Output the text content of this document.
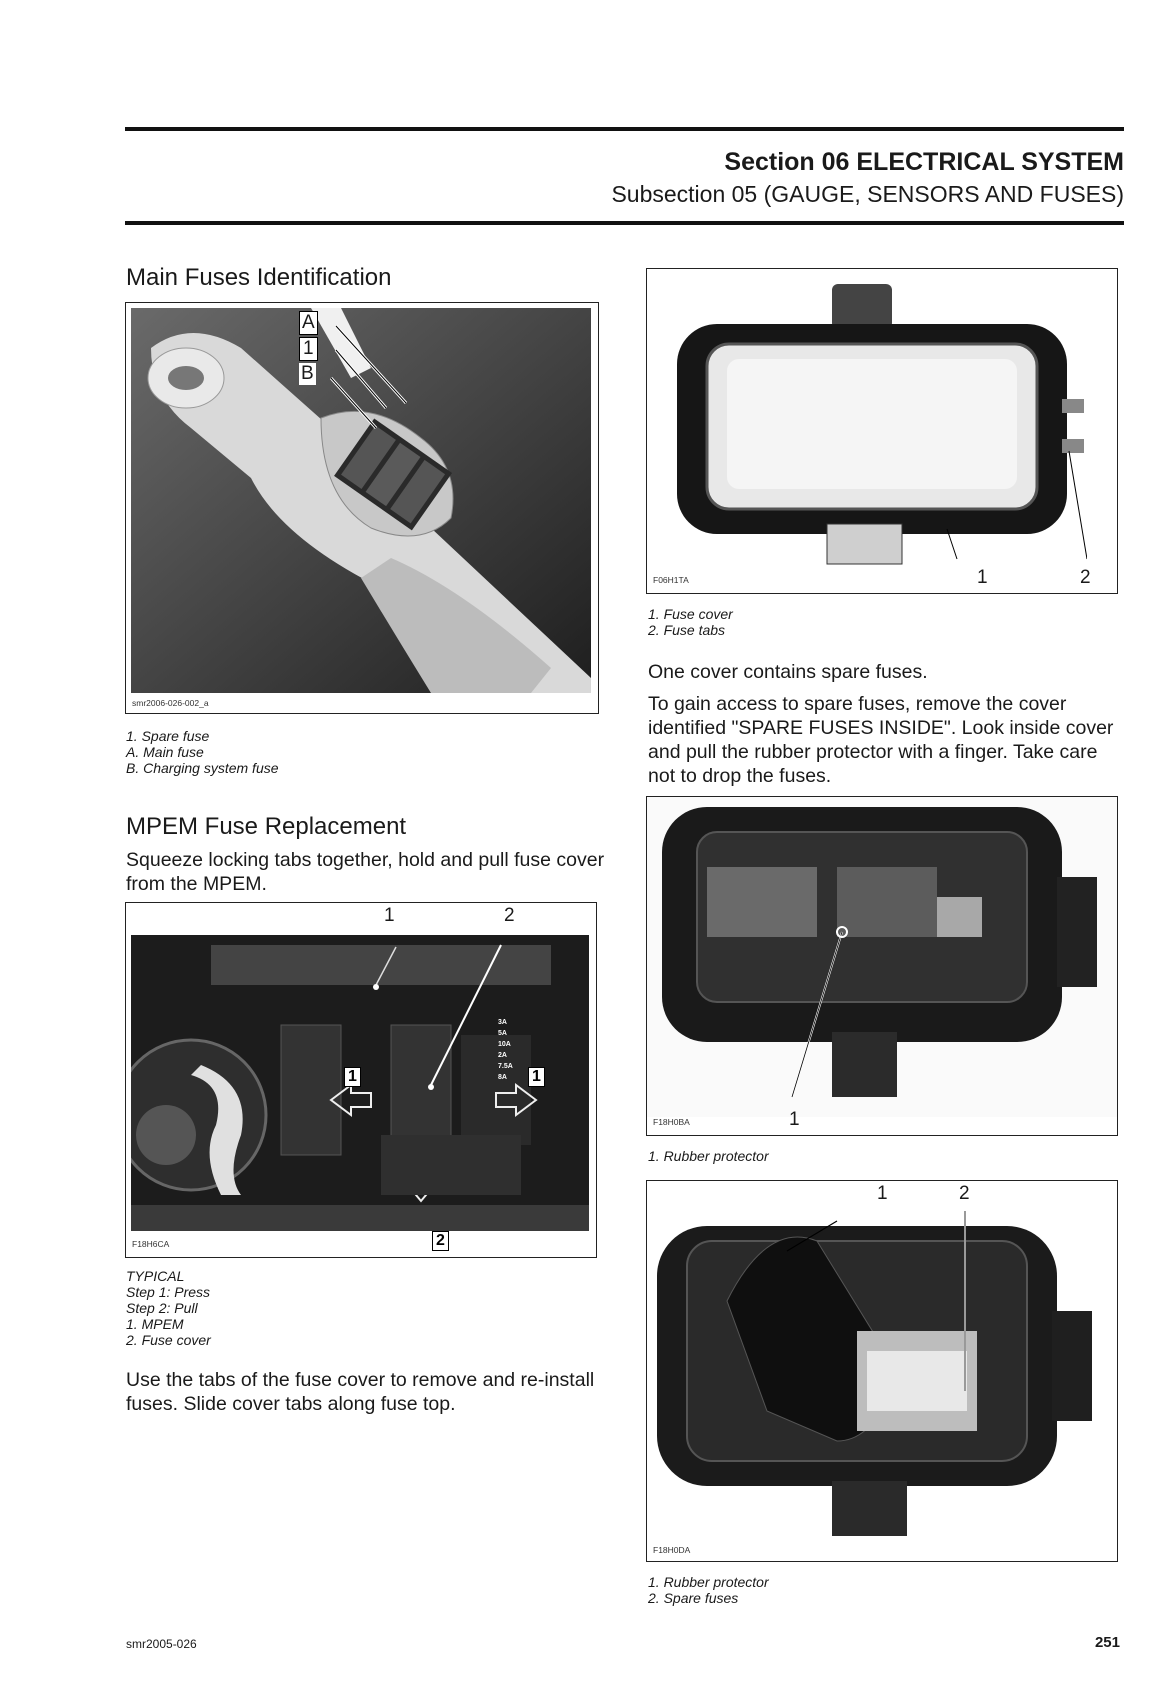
Section 06 ELECTRICAL SYSTEM
Subsection 05 (GAUGE, SENSORS AND FUSES)
Main Fuses Identification
A
1
B
smr2006-026-002_a
1. Spare fuse
A. Main fuse
B. Charging system fuse
MPEM Fuse Replacement
Squeeze locking tabs together, hold and pull fuse cover from the MPEM.
1	2
1	1
2
3A
5A
10A
2A
7.5A
8A
F18H6CA
TYPICAL
Step 1: Press
Step 2: Pull
1. MPEM
2. Fuse cover
Use the tabs of the fuse cover to remove and re-install fuses. Slide cover tabs along fuse top.
1	2
F06H1TA
1. Fuse cover
2. Fuse tabs
One cover contains spare fuses.
To gain access to spare fuses, remove the cover identified "SPARE FUSES INSIDE". Look inside cover and pull the rubber protector with a finger. Take care not to drop the fuses.
1
F18H0BA
1. Rubber protector
1	2
F18H0DA
1. Rubber protector
2. Spare fuses
smr2005-026	251
